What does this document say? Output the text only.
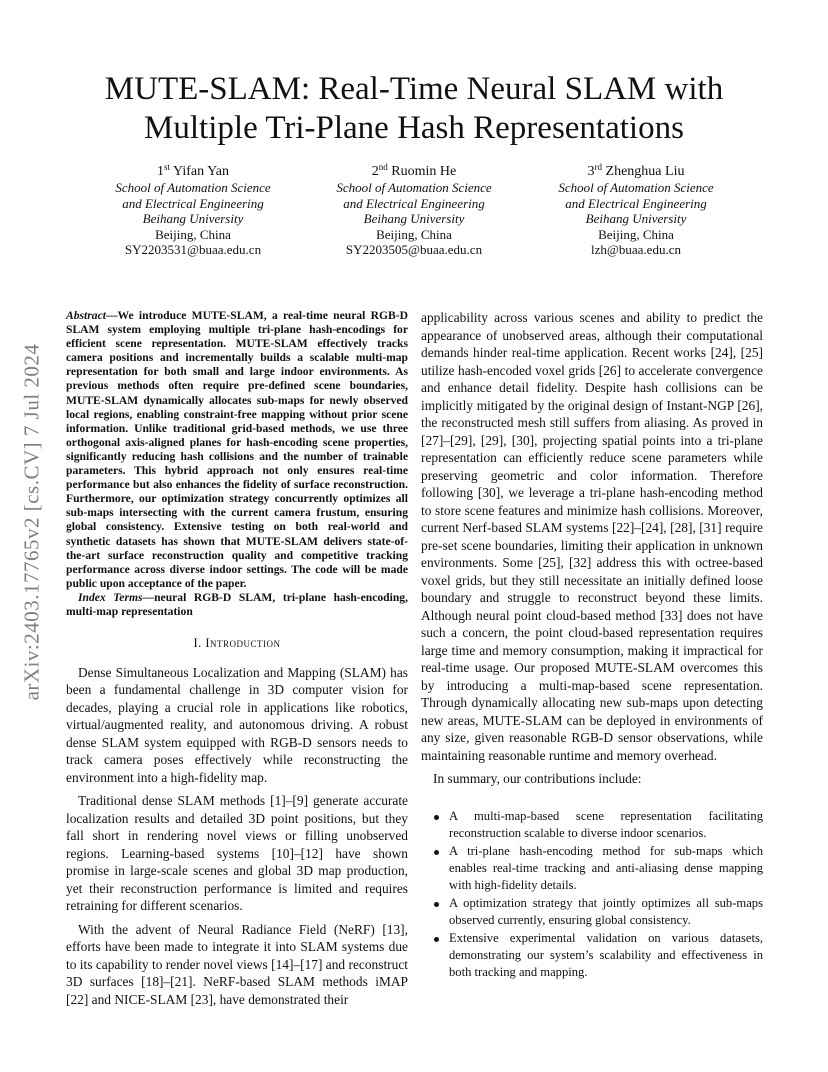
MUTE-SLAM: Real-Time Neural SLAM with Multiple Tri-Plane Hash Representations
1st Yifan Yan
School of Automation Science
and Electrical Engineering
Beihang University
Beijing, China
SY2203531@buaa.edu.cn
2nd Ruomin He
School of Automation Science
and Electrical Engineering
Beihang University
Beijing, China
SY2203505@buaa.edu.cn
3rd Zhenghua Liu
School of Automation Science
and Electrical Engineering
Beihang University
Beijing, China
lzh@buaa.edu.cn
arXiv:2403.17765v2 [cs.CV] 7 Jul 2024

Abstract—We introduce MUTE-SLAM, a real-time neural RGB-D SLAM system employing multiple tri-plane hash-encodings for efficient scene representation. MUTE-SLAM effectively tracks camera positions and incrementally builds a scalable multi-map representation for both small and large indoor environments. As previous methods often require pre-defined scene boundaries, MUTE-SLAM dynamically allocates sub-maps for newly observed local regions, enabling constraint-free mapping without prior scene information. Unlike traditional grid-based methods, we use three orthogonal axis-aligned planes for hash-encoding scene properties, significantly reducing hash collisions and the number of trainable parameters. This hybrid approach not only ensures real-time performance but also enhances the fidelity of surface reconstruction. Furthermore, our optimization strategy concurrently optimizes all sub-maps intersecting with the current camera frustum, ensuring global consistency. Extensive testing on both real-world and synthetic datasets has shown that MUTE-SLAM delivers state-of-the-art surface reconstruction quality and competitive tracking performance across diverse indoor settings. The code will be made public upon acceptance of the paper.

Index Terms—neural RGB-D SLAM, tri-plane hash-encoding, multi-map representation

I. Introduction

Dense Simultaneous Localization and Mapping (SLAM) has been a fundamental challenge in 3D computer vision for decades, playing a crucial role in applications like robotics, virtual/augmented reality, and autonomous driving. A robust dense SLAM system equipped with RGB-D sensors needs to track camera poses effectively while reconstructing the environment into a high-fidelity map.

Traditional dense SLAM methods [1]–[9] generate accurate localization results and detailed 3D point positions, but they fall short in rendering novel views or filling unobserved regions. Learning-based systems [10]–[12] have shown promise in large-scale scenes and global 3D map production, yet their reconstruction performance is limited and requires retraining for different scenarios.

With the advent of Neural Radiance Field (NeRF) [13], efforts have been made to integrate it into SLAM systems due to its capability to render novel views [14]–[17] and reconstruct 3D surfaces [18]–[21]. NeRF-based SLAM methods iMAP [22] and NICE-SLAM [23], have demonstrated their

applicability across various scenes and ability to predict the appearance of unobserved areas, although their computational demands hinder real-time application. Recent works [24], [25] utilize hash-encoded voxel grids [26] to accelerate convergence and enhance detail fidelity. Despite hash collisions can be implicitly mitigated by the original design of Instant-NGP [26], the reconstructed mesh still suffers from aliasing. As proved in [27]–[29], [29], [30], projecting spatial points into a tri-plane representation can efficiently reduce scene parameters while preserving geometric and color information. Therefore following [30], we leverage a tri-plane hash-encoding method to store scene features and minimize hash collisions. Moreover, current Nerf-based SLAM systems [22]–[24], [28], [31] require pre-set scene boundaries, limiting their application in unknown environments. Some [25], [32] address this with octree-based voxel grids, but they still necessitate an initially defined loose boundary and struggle to reconstruct beyond these limits. Although neural point cloud-based method [33] does not have such a concern, the point cloud-based representation requires large time and memory consumption, making it impractical for real-time usage. Our proposed MUTE-SLAM overcomes this by introducing a multi-map-based scene representation. Through dynamically allocating new sub-maps upon detecting new areas, MUTE-SLAM can be deployed in environments of any size, given reasonable RGB-D sensor observations, while maintaining reasonable runtime and memory overhead.

In summary, our contributions include:

A multi-map-based scene representation facilitating reconstruction scalable to diverse indoor scenarios.
A tri-plane hash-encoding method for sub-maps which enables real-time tracking and anti-aliasing dense mapping with high-fidelity details.
A optimization strategy that jointly optimizes all sub-maps observed currently, ensuring global consistency.
Extensive experimental validation on various datasets, demonstrating our system’s scalability and effectiveness in both tracking and mapping.
